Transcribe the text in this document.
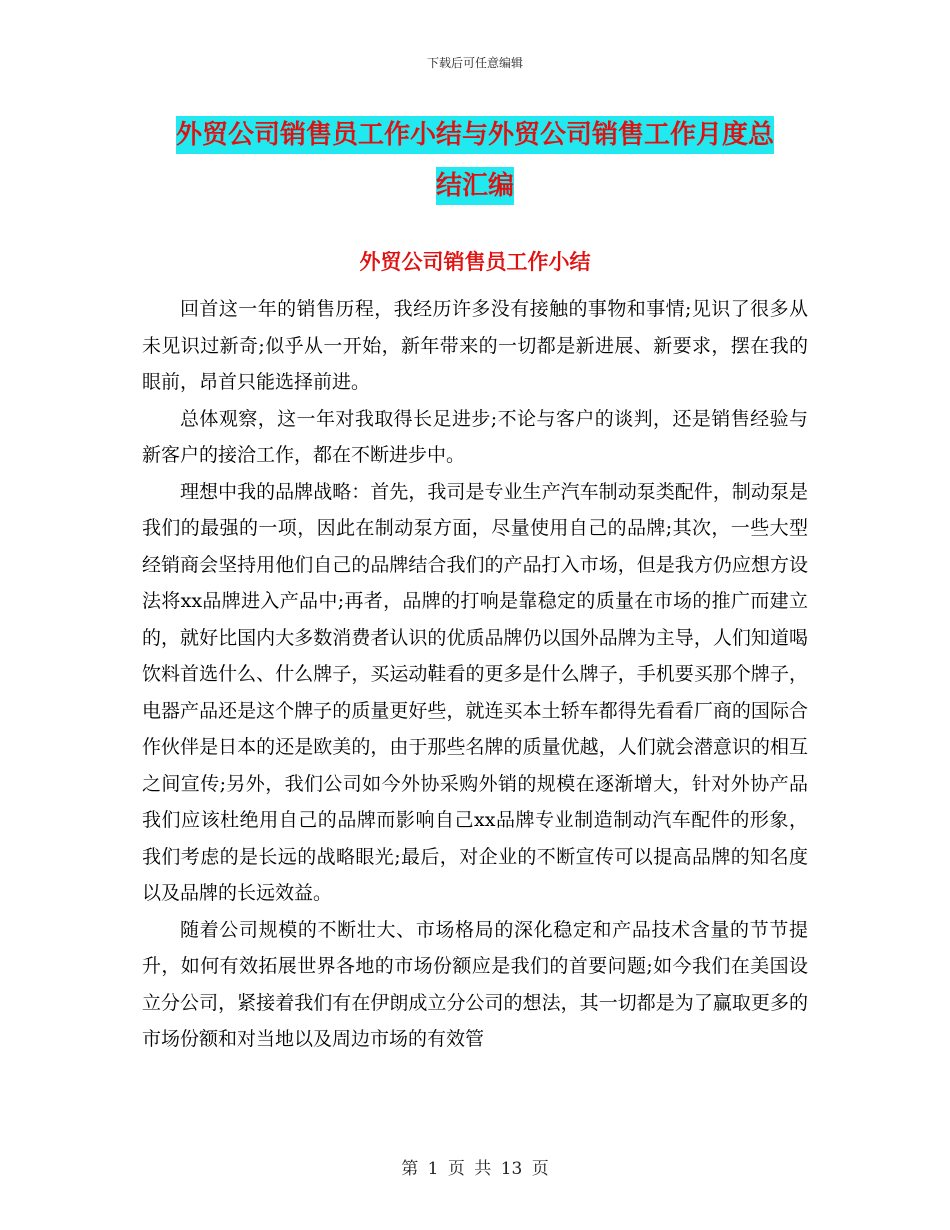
下载后可任意编辑
外贸公司销售员工作小结与外贸公司销售工作月度总
结汇编
外贸公司销售员工作小结

回首这一年的销售历程，我经历许多没有接触的事物和事情;见识了很多从未见识过新奇;似乎从一开始，新年带来的一切都是新进展、新要求，摆在我的眼前，昂首只能选择前进。

总体观察，这一年对我取得长足进步;不论与客户的谈判，还是销售经验与新客户的接洽工作，都在不断进步中。

理想中我的品牌战略：首先，我司是专业生产汽车制动泵类配件，制动泵是我们的最强的一项，因此在制动泵方面，尽量使用自己的品牌;其次，一些大型经销商会坚持用他们自己的品牌结合我们的产品打入市场，但是我方仍应想方设法将xx品牌进入产品中;再者，品牌的打响是靠稳定的质量在市场的推广而建立的，就好比国内大多数消费者认识的优质品牌仍以国外品牌为主导，人们知道喝饮料首选什么、什么牌子，买运动鞋看的更多是什么牌子，手机要买那个牌子，电器产品还是这个牌子的质量更好些，就连买本土轿车都得先看看厂商的国际合作伙伴是日本的还是欧美的，由于那些名牌的质量优越，人们就会潜意识的相互之间宣传;另外，我们公司如今外协采购外销的规模在逐渐增大，针对外协产品我们应该杜绝用自己的品牌而影响自己xx品牌专业制造制动汽车配件的形象，我们考虑的是长远的战略眼光;最后，对企业的不断宣传可以提高品牌的知名度以及品牌的长远效益。

随着公司规模的不断壮大、市场格局的深化稳定和产品技术含量的节节提升，如何有效拓展世界各地的市场份额应是我们的首要问题;如今我们在美国设立分公司，紧接着我们有在伊朗成立分公司的想法，其一切都是为了赢取更多的市场份额和对当地以及周边市场的有效管

第 1 页 共 13 页
